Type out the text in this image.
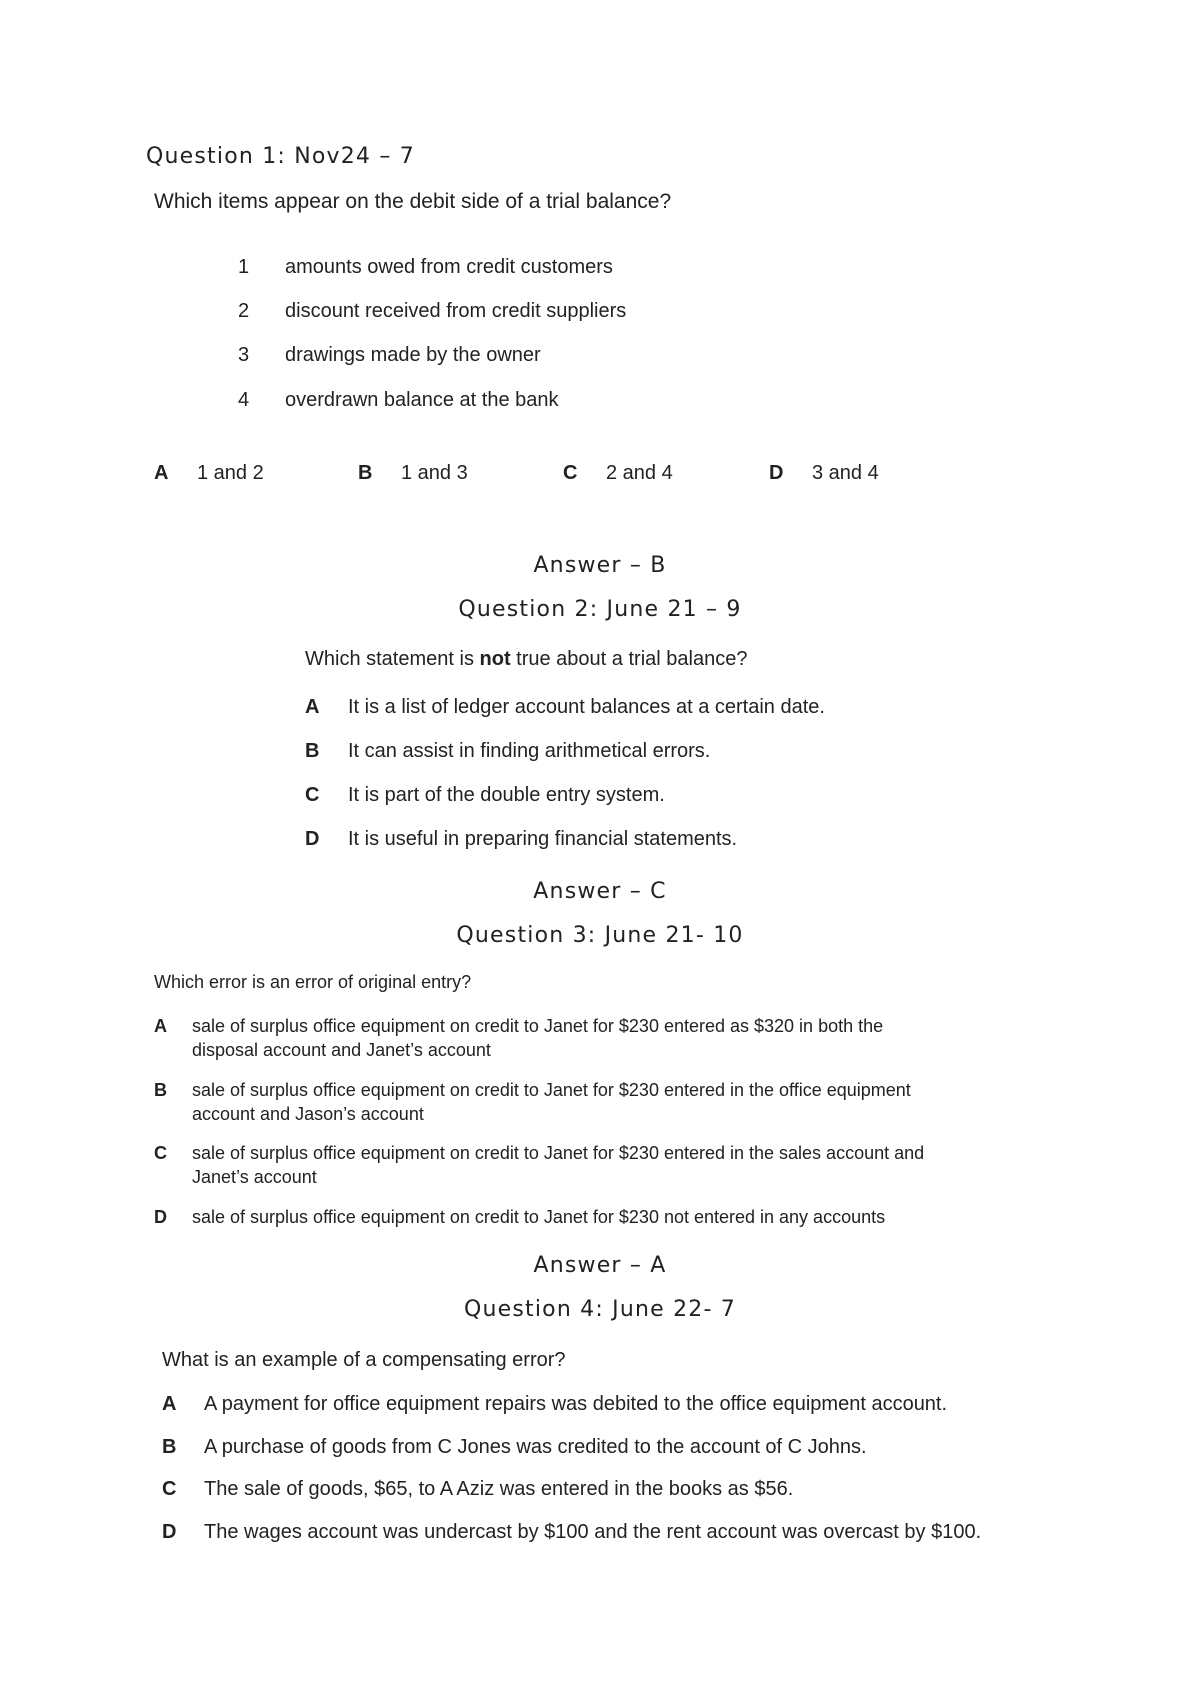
Question 1: Nov24 – 7
Which items appear on the debit side of a trial balance?
1 amounts owed from credit customers
2 discount received from credit suppliers
3 drawings made by the owner
4 overdrawn balance at the bank
A 1 and 2	B 1 and 3	C 2 and 4	D 3 and 4
Answer – B
Question 2: June 21 – 9
Which statement is not true about a trial balance?
A It is a list of ledger account balances at a certain date.
B It can assist in finding arithmetical errors.
C It is part of the double entry system.
D It is useful in preparing financial statements.
Answer – C
Question 3: June 21- 10
Which error is an error of original entry?
A sale of surplus office equipment on credit to Janet for $230 entered as $320 in both the
disposal account and Janet’s account
B sale of surplus office equipment on credit to Janet for $230 entered in the office equipment
account and Jason’s account
C sale of surplus office equipment on credit to Janet for $230 entered in the sales account and
Janet’s account
D sale of surplus office equipment on credit to Janet for $230 not entered in any accounts
Answer – A
Question 4: June 22- 7
What is an example of a compensating error?
A A payment for office equipment repairs was debited to the office equipment account.
B A purchase of goods from C Jones was credited to the account of C Johns.
C The sale of goods, $65, to A Aziz was entered in the books as $56.
D The wages account was undercast by $100 and the rent account was overcast by $100.
